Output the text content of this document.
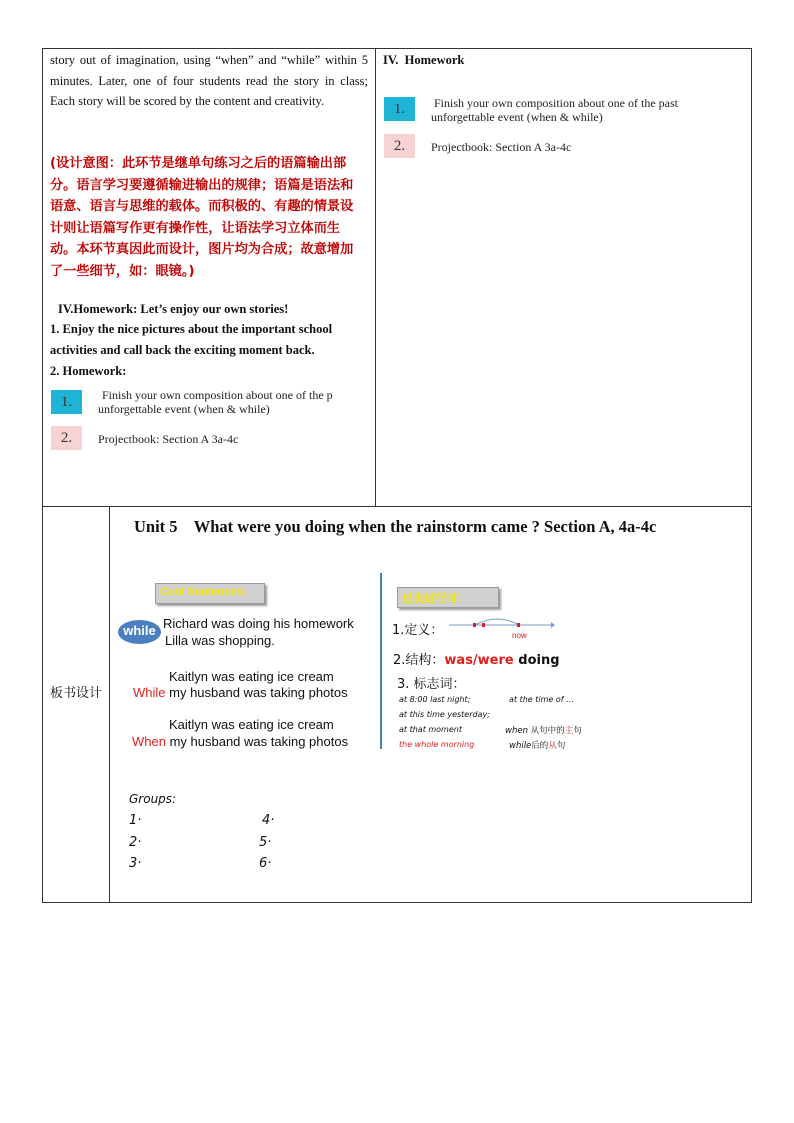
story out of imagination, using “when” and “while” within 5 minutes. Later, one of four students read the story in class; Each story will be scored by the content and creativity.
(设计意图：此环节是继单句练习之后的语篇输出部分。语言学习要遵循输进输出的规律；语篇是语法和语意、语言与思维的载体。而积极的、有趣的情景设计则让语篇写作更有操作性，让语法学习立体而生动。本环节真因此而设计，图片均为合成；故意增加了一些细节，如：眼镜。)
IV.Homework: Let’s enjoy our own stories!
1. Enjoy the nice pictures about the important school activities and call back the exciting moment back.
2. Homework:
1.	Finish your own composition about one of the p
unforgettable event (when & while)
2.	Projectbook: Section A 3a-4c
IV.  Homework
1.	Finish your own composition about one of the past
unforgettable event (when & while)
2.	Projectbook: Section A 3a-4c
板书设计
Unit 5    What were you doing when the rainstorm came ? Section A, 4a-4c
Cool Sentences:
while Richard was doing his homework
Lilla was shopping.
Kaitlyn was eating ice cream
While my husband was taking photos
Kaitlyn was eating ice cream
When my husband was taking photos
过去进行时：
1.定义：	now
2.结构：was/were doing
3. 标志词：
at 8:00 last night;	at the time of …
at this time yesterday;
at that moment	when 从句中的主句
the whole morning	while后的从句
Groups:
1·	4·
2·	5·
3·	6·
